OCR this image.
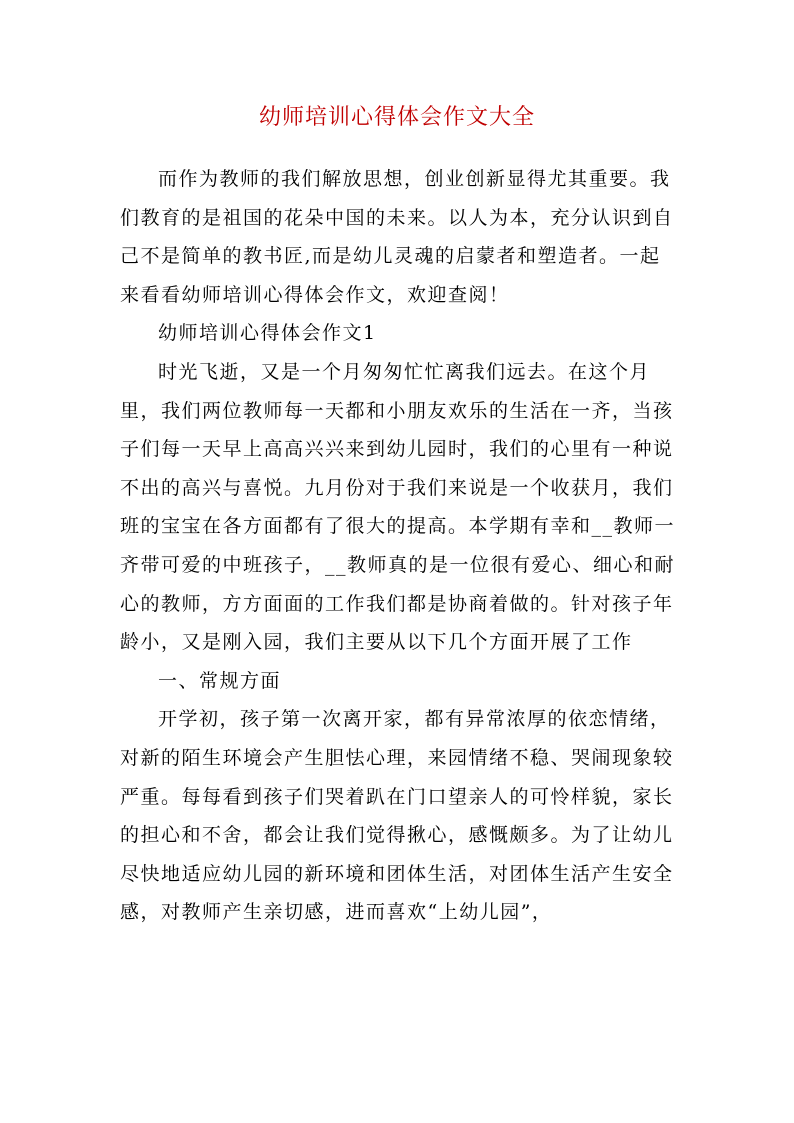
幼师培训心得体会作文大全

而作为教师的我们解放思想，创业创新显得尤其重要。我们教育的是祖国的花朵中国的未来。以人为本，充分认识到自己不是简单的教书匠,而是幼儿灵魂的启蒙者和塑造者。一起来看看幼师培训心得体会作文，欢迎查阅！

幼师培训心得体会作文1

时光飞逝，又是一个月匆匆忙忙离我们远去。在这个月里，我们两位教师每一天都和小朋友欢乐的生活在一齐，当孩子们每一天早上高高兴兴来到幼儿园时，我们的心里有一种说不出的高兴与喜悦。九月份对于我们来说是一个收获月，我们班的宝宝在各方面都有了很大的提高。本学期有幸和__教师一齐带可爱的中班孩子，__教师真的是一位很有爱心、细心和耐心的教师，方方面面的工作我们都是协商着做的。针对孩子年龄小，又是刚入园，我们主要从以下几个方面开展了工作

一、常规方面

开学初，孩子第一次离开家，都有异常浓厚的依恋情绪，对新的陌生环境会产生胆怯心理，来园情绪不稳、哭闹现象较严重。每每看到孩子们哭着趴在门口望亲人的可怜样貌，家长的担心和不舍，都会让我们觉得揪心，感慨颇多。为了让幼儿尽快地适应幼儿园的新环境和团体生活，对团体生活产生安全感，对教师产生亲切感，进而喜欢“上幼儿园”，
